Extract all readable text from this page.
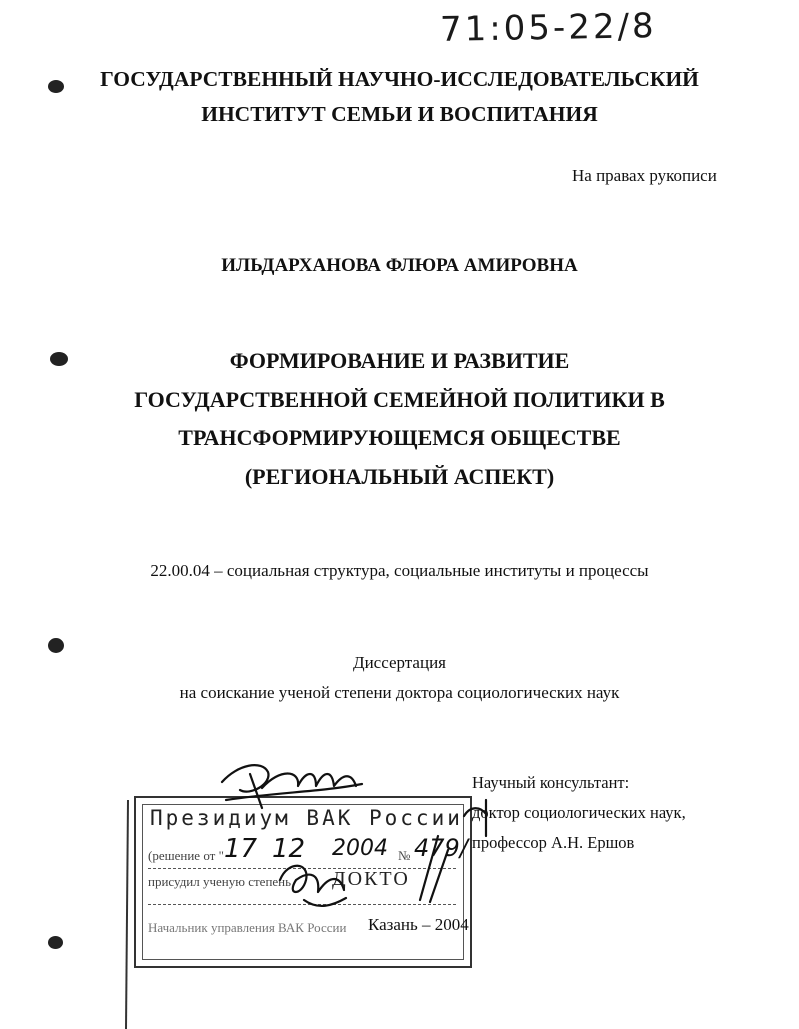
71:05-22/8
ГОСУДАРСТВЕННЫЙ НАУЧНО-ИССЛЕДОВАТЕЛЬСКИЙ
ИНСТИТУТ СЕМЬИ И ВОСПИТАНИЯ
На правах рукописи
ИЛЬДАРХАНОВА ФЛЮРА АМИРОВНА
ФОРМИРОВАНИЕ И РАЗВИТИЕ
ГОСУДАРСТВЕННОЙ СЕМЕЙНОЙ ПОЛИТИКИ В
ТРАНСФОРМИРУЮЩЕМСЯ ОБЩЕСТВЕ
(РЕГИОНАЛЬНЫЙ АСПЕКТ)
22.00.04 – социальная структура, социальные институты и процессы
Диссертация
на соискание ученой степени доктора социологических наук
Научный консультант:
доктор социологических наук,
профессор А.Н. Ершов
Президиум ВАК России
(решение от " 17 12 2004 № 479/
присудил ученую степень ДОКТО
Начальник управления ВАК России Казань – 2004
